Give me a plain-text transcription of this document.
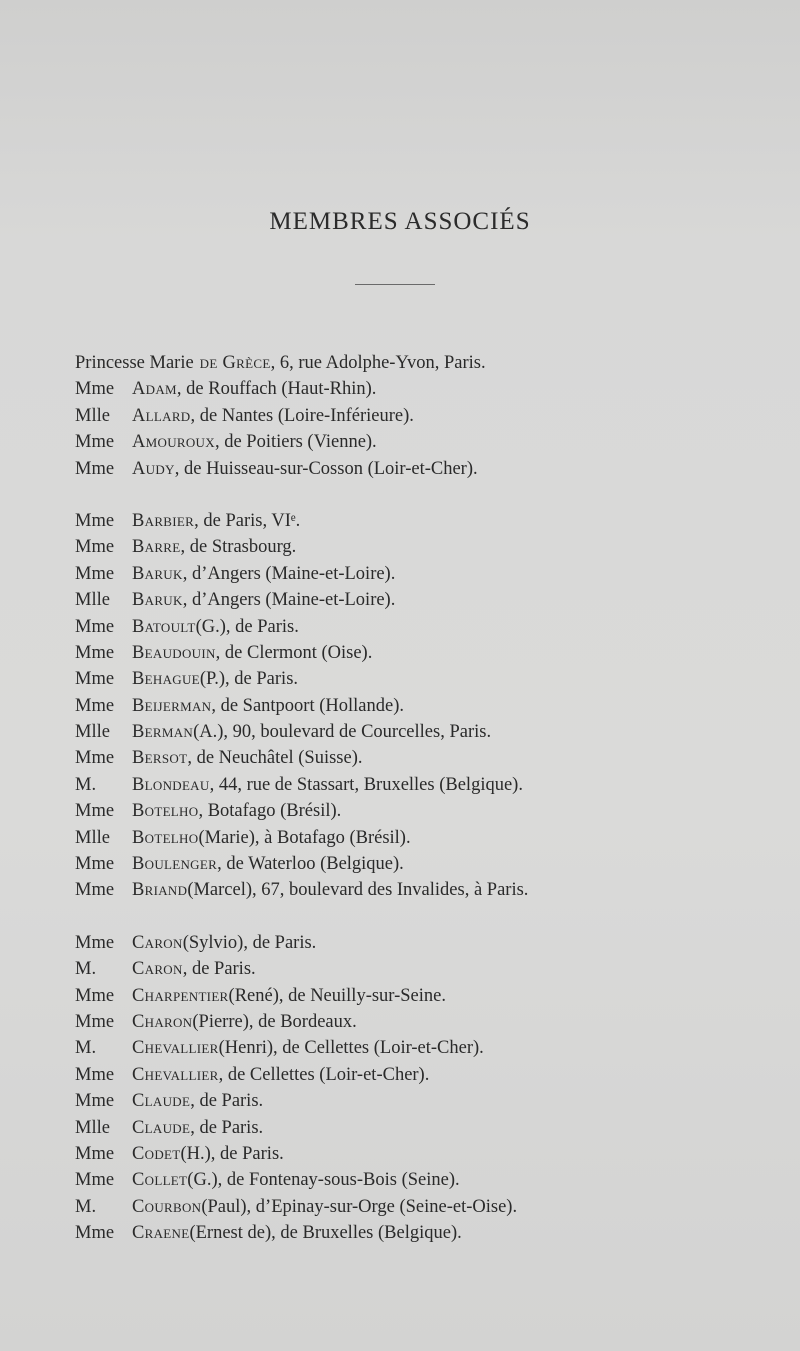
MEMBRES ASSOCIÉS
Princesse Marie de Grèce , 6, rue Adolphe-Yvon, Paris.
Mme Adam , de Rouffach (Haut-Rhin).
Mlle	Allard , de Nantes (Loire-Inférieure).
Mme Amouroux , de Poitiers (Vienne).
Mme Audy , de Huisseau-sur-Cosson (Loir-et-Cher).
Mme Barbier , de Paris, VIᵉ.
Mme Barre , de Strasbourg.
Mme Baruk , d’Angers (Maine-et-Loire).
Mlle	Baruk , d’Angers (Maine-et-Loire).
Mme Batoult (G.), de Paris.
Mme Beaudouin , de Clermont (Oise).
Mme Behague (P.), de Paris.
Mme Beijerman , de Santpoort (Hollande).
Mlle	Berman (A.), 90, boulevard de Courcelles, Paris.
Mme Bersot , de Neuchâtel (Suisse).
M.	Blondeau , 44, rue de Stassart, Bruxelles (Belgique).
Mme Botelho , Botafago (Brésil).
Mlle	Botelho (Marie), à Botafago (Brésil).
Mme Boulenger , de Waterloo (Belgique).
Mme Briand (Marcel), 67, boulevard des Invalides, à Paris.
Mme Caron (Sylvio), de Paris.
M.	Caron , de Paris.
Mme Charpentier (René), de Neuilly-sur-Seine.
Mme Charon (Pierre), de Bordeaux.
M.	Chevallier (Henri), de Cellettes (Loir-et-Cher).
Mme Chevallier , de Cellettes (Loir-et-Cher).
Mme Claude , de Paris.
Mlle	Claude , de Paris.
Mme Codet (H.), de Paris.
Mme Collet (G.), de Fontenay-sous-Bois (Seine).
M.	Courbon (Paul), d’Epinay-sur-Orge (Seine-et-Oise).
Mme Craene (Ernest de), de Bruxelles (Belgique).
